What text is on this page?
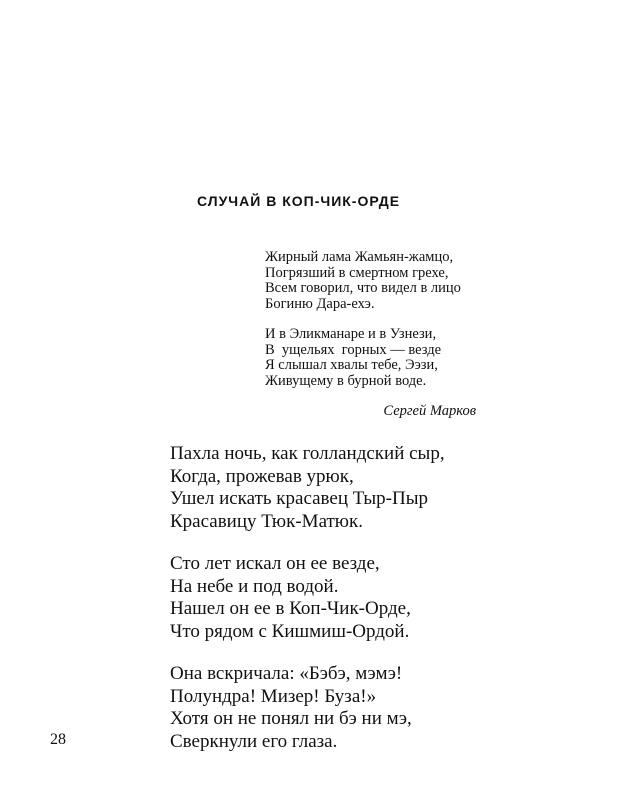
СЛУЧАЙ В КОП-ЧИК-ОРДЕ
Жирный лама Жамьян-жамцо,
Погрязший в смертном грехе,
Всем говорил, что видел в лицо
Богиню Дара-ехэ.
И в Эликманаре и в Узнези,
В  ущельях  горных — везде
Я слышал хвалы тебе, Ээзи,
Живущему в бурной воде.
Сергей Марков
Пахла ночь, как голландский сыр,
Когда, прожевав урюк,
Ушел искать красавец Тыр-Пыр
Красавицу Тюк-Матюк.
Сто лет искал он ее везде,
На небе и под водой.
Нашел он ее в Коп-Чик-Орде,
Что рядом с Кишмиш-Ордой.
Она вскричала: «Бэбэ, мэмэ!
Полундра! Мизер! Буза!»
Хотя он не понял ни бэ ни мэ,
Сверкнули его глаза.
28
